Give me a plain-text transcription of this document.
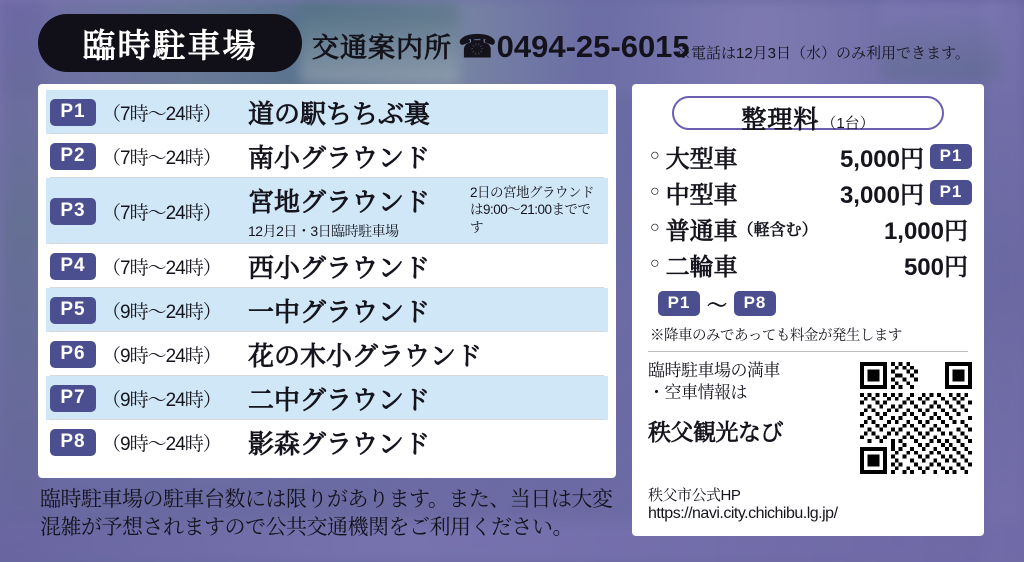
臨時駐車場 交通案内所 ☎0494-25-6015
※電話は12月3日（水）のみ利用できます。
P1 （7時～24時）	道の駅ちちぶ裏
P2 （7時～24時）	南小グラウンド
P3 （7時～24時）	宮地グラウンド
12月2日・3日臨時駐車場
2日の宮地グラウンドは9:00～21:00までです
P4 （7時～24時）	西小グラウンド
P5 （9時～24時）	一中グラウンド
P6 （9時～24時）	花の木小グラウンド
P7 （9時～24時）	二中グラウンド
P8 （9時～24時）	影森グラウンド
臨時駐車場の駐車台数には限りがあります。また、当日は大変混雑が予想されますので公共交通機関をご利用ください。
整理料 （1台）
○ 大型車	5,000円 P1
○ 中型車	3,000円 P1
○ 普通車 （軽含む）	1,000円
○ 二輪車	500円
P1 ～ P8
※降車のみであっても料金が発生します
臨時駐車場の満車
・空車情報は
秩父観光なび
秩父市公式HP
https://navi.city.chichibu.lg.jp/
